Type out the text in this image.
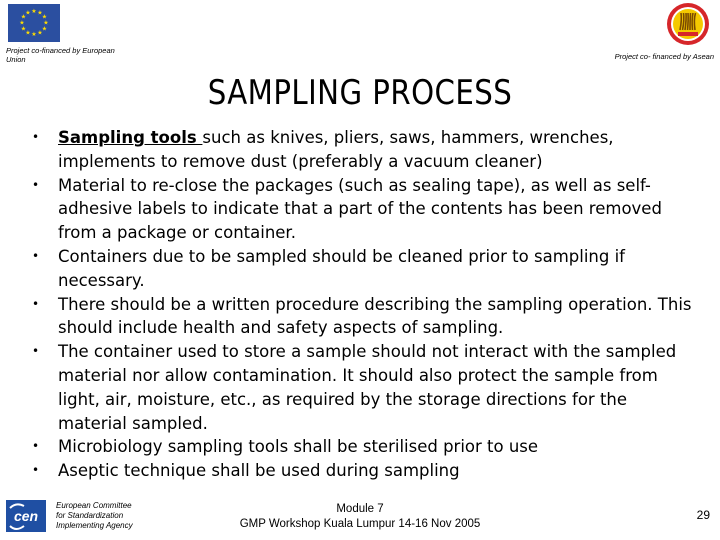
★ ★
★
★
★
★
★
★
★
★
★
★
Project co-financed by European Union	Project co- financed by Asean
SAMPLING PROCESS
• Sampling tools such as knives, pliers, saws, hammers, wrenches, implements to remove dust (preferably a vacuum cleaner)
• Material to re-close the packages (such as sealing tape), as well as self-adhesive labels to indicate that a part of the contents has been removed from a package or container.
• Containers due to be sampled should be cleaned prior to sampling if necessary.
• There should be a written procedure describing the sampling operation. This should include health and safety aspects of sampling.
• The container used to store a sample should not interact with the sampled material nor allow contamination. It should also protect the sample from light, air, moisture, etc., as required by the storage directions for the material sampled.
• Microbiology sampling tools shall be sterilised prior to use
• Aseptic technique shall be used during sampling
cen
European Committee
for Standardization
Implementing Agency
Module 7
GMP Workshop Kuala Lumpur 14-16 Nov 2005
29
